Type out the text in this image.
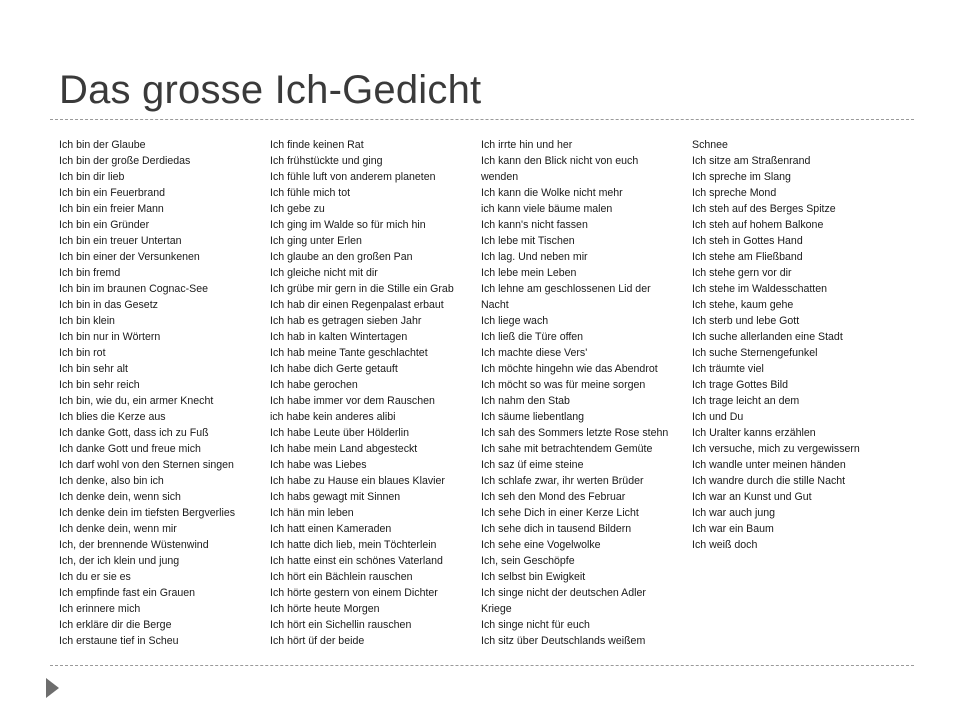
Das grosse Ich-Gedicht
Ich bin der Glaube
Ich bin der große Derdiedas
Ich bin dir lieb
Ich bin ein Feuerbrand
Ich bin ein freier Mann
Ich bin ein Gründer
Ich bin ein treuer Untertan
Ich bin einer der Versunkenen
Ich bin fremd
Ich bin im braunen Cognac-See
Ich bin in das Gesetz
Ich bin klein
Ich bin nur in Wörtern
Ich bin rot
Ich bin sehr alt
Ich bin sehr reich
Ich bin, wie du, ein armer Knecht
Ich blies die Kerze aus
Ich danke Gott, dass ich zu Fuß
Ich danke Gott und freue mich
Ich darf wohl von den Sternen singen
Ich denke, also bin ich
Ich denke dein, wenn sich
Ich denke dein im tiefsten Bergverlies
Ich denke dein, wenn mir
Ich, der brennende Wüstenwind
Ich, der ich klein und jung
Ich du er sie es
Ich empfinde fast ein Grauen
Ich erinnere mich
Ich erkläre dir die Berge
Ich erstaune tief in Scheu
Ich finde keinen Rat
Ich frühstückte und ging
Ich fühle luft von anderem planeten
Ich fühle mich tot
Ich gebe zu
Ich ging im Walde so für mich hin
Ich ging unter Erlen
Ich glaube an den großen Pan
Ich gleiche nicht mit dir
Ich grübe mir gern in die Stille ein Grab
Ich hab dir einen Regenpalast erbaut
Ich hab es getragen sieben Jahr
Ich hab in kalten Wintertagen
Ich hab meine Tante geschlachtet
Ich habe dich Gerte getauft
Ich habe gerochen
Ich habe immer vor dem Rauschen
ich habe kein anderes alibi
Ich habe Leute über Hölderlin
Ich habe mein Land abgesteckt
Ich habe was Liebes
Ich habe zu Hause ein blaues Klavier
Ich habs gewagt mit Sinnen
Ich hän min leben
Ich hatt einen Kameraden
Ich hatte dich lieb, mein Töchterlein
Ich hatte einst ein schönes Vaterland
Ich hört ein Bächlein rauschen
Ich hörte gestern von einem Dichter
Ich hörte heute Morgen
Ich hört ein Sichellin rauschen
Ich hört üf der beide
Ich irrte hin und her
Ich kann den Blick nicht von euch
wenden
Ich kann die Wolke nicht mehr
ich kann viele bäume malen
Ich kann's nicht fassen
Ich lebe mit Tischen
Ich lag. Und neben mir
Ich lebe mein Leben
Ich lehne am geschlossenen Lid der
Nacht
Ich liege wach
Ich ließ die Türe offen
Ich machte diese Vers'
Ich möchte hingehn wie das Abendrot
Ich möcht so was für meine sorgen
Ich nahm den Stab
Ich säume liebentlang
Ich sah des Sommers letzte Rose stehn
Ich sahe mit betrachtendem Gemüte
Ich saz üf eime steine
Ich schlafe zwar, ihr werten Brüder
Ich seh den Mond des Februar
Ich sehe Dich in einer Kerze Licht
Ich sehe dich in tausend Bildern
Ich sehe eine Vogelwolke
Ich, sein Geschöpfe
Ich selbst bin Ewigkeit
Ich singe nicht der deutschen Adler
Kriege
Ich singe nicht für euch
Ich sitz über Deutschlands weißem
Schnee
Ich sitze am Straßenrand
Ich spreche im Slang
Ich spreche Mond
Ich steh auf des Berges Spitze
Ich steh auf hohem Balkone
Ich steh in Gottes Hand
Ich stehe am Fließband
Ich stehe gern vor dir
Ich stehe im Waldesschatten
Ich stehe, kaum gehe
Ich sterb und lebe Gott
Ich suche allerlanden eine Stadt
Ich suche Sternengefunkel
Ich träumte viel
Ich trage Gottes Bild
Ich trage leicht an dem
Ich und Du
Ich Uralter kanns erzählen
Ich versuche, mich zu vergewissern
Ich wandle unter meinen händen
Ich wandre durch die stille Nacht
Ich war an Kunst und Gut
Ich war auch jung
Ich war ein Baum
Ich weiß doch
